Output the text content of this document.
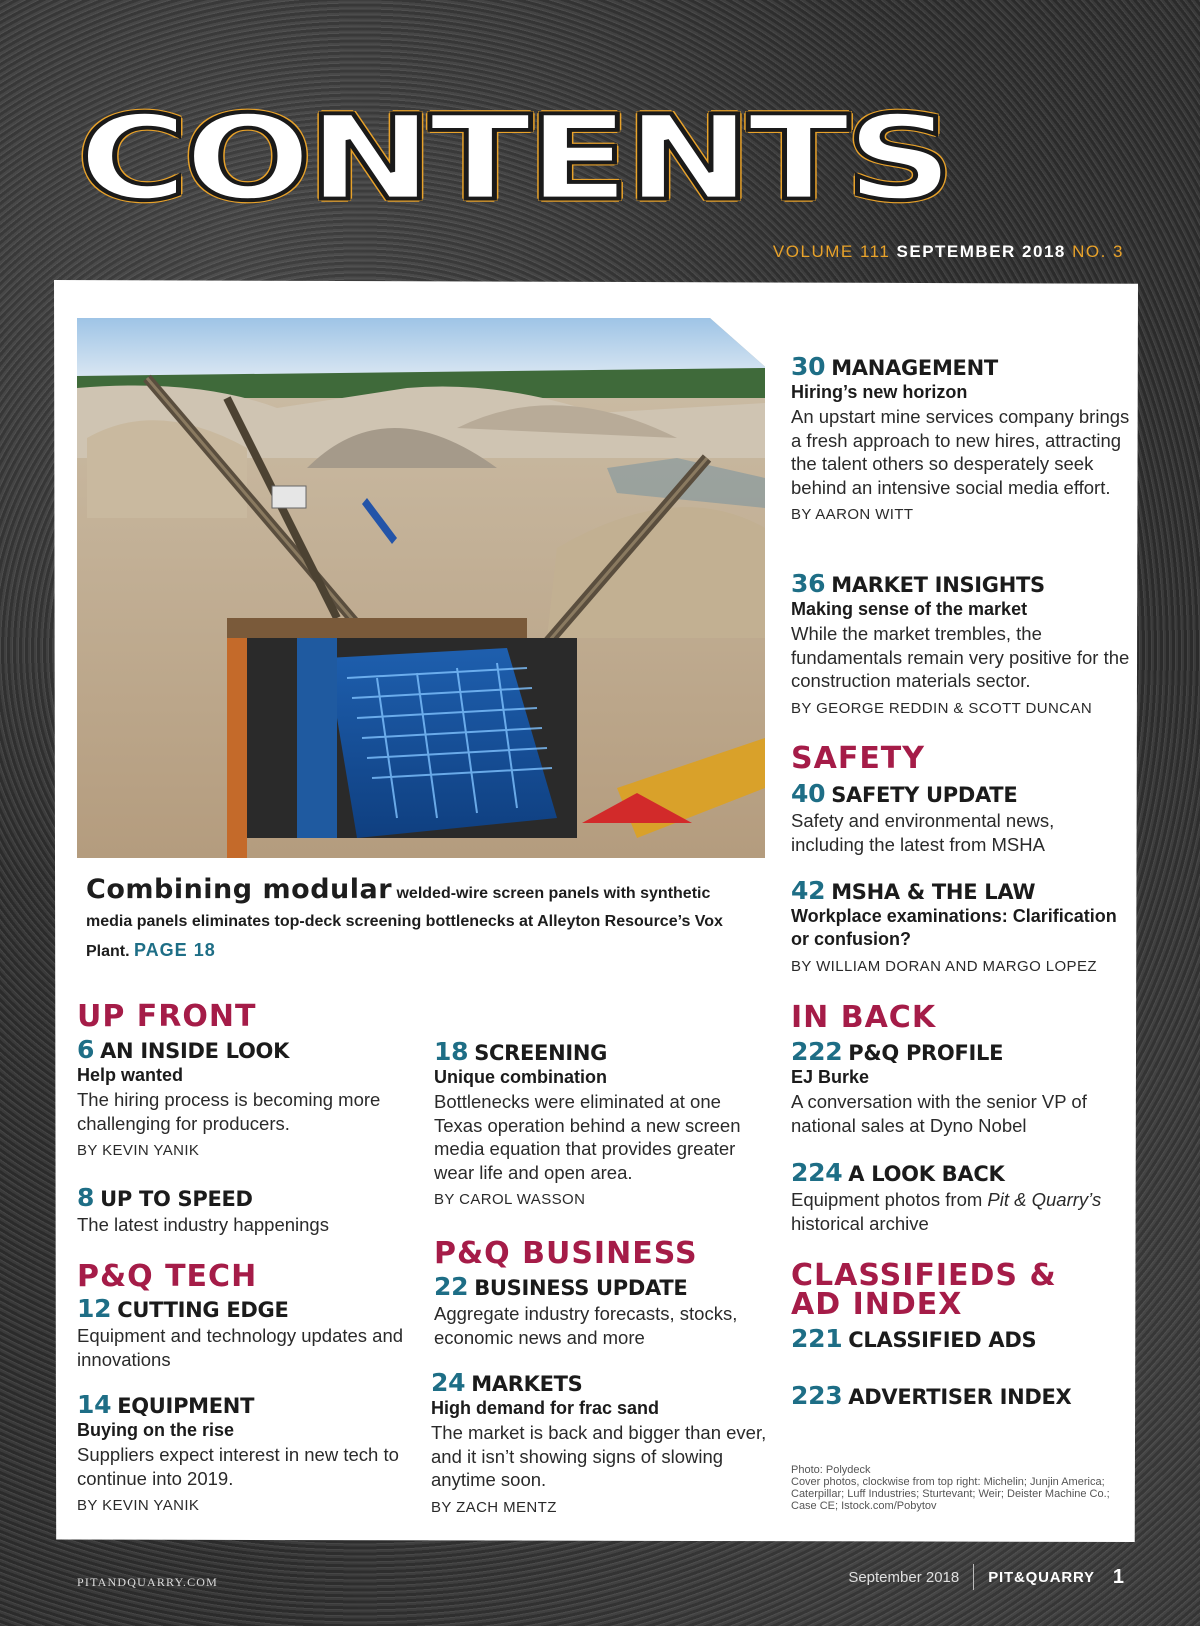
CONTENTS
VOLUME 111 SEPTEMBER 2018 NO. 3
Combining modular welded-wire screen panels with synthetic media panels eliminates top-deck screening bottlenecks at Alleyton Resource’s Vox Plant. PAGE 18
UP FRONT
6 AN INSIDE LOOK
Help wanted
The hiring process is becoming more challenging for producers.
BY KEVIN YANIK
8 UP TO SPEED
The latest industry happenings
P&Q TECH
12 CUTTING EDGE
Equipment and technology updates and innovations
14 EQUIPMENT
Buying on the rise
Suppliers expect interest in new tech to continue into 2019.
BY KEVIN YANIK
18 SCREENING
Unique combination
Bottlenecks were eliminated at one Texas operation behind a new screen media equation that provides greater wear life and open area.
BY CAROL WASSON
P&Q BUSINESS
22 BUSINESS UPDATE
Aggregate industry forecasts, stocks, economic news and more
24 MARKETS
High demand for frac sand
The market is back and bigger than ever, and it isn’t showing signs of slowing anytime soon.
BY ZACH MENTZ
30 MANAGEMENT
Hiring’s new horizon
An upstart mine services company brings a fresh approach to new hires, attracting the talent others so desperately seek behind an intensive social media effort.
BY AARON WITT
36 MARKET INSIGHTS
Making sense of the market
While the market trembles, the fundamentals remain very positive for the construction materials sector.
BY GEORGE REDDIN & SCOTT DUNCAN
SAFETY
40 SAFETY UPDATE
Safety and environmental news, including the latest from MSHA
42 MSHA & THE LAW
Workplace examinations: Clarification or confusion?
BY WILLIAM DORAN AND MARGO LOPEZ
IN BACK
222 P&Q PROFILE
EJ Burke
A conversation with the senior VP of national sales at Dyno Nobel
224 A LOOK BACK
Equipment photos from Pit & Quarry’s historical archive
CLASSIFIEDS &
AD INDEX
221 CLASSIFIED ADS
223 ADVERTISER INDEX
Photo: Polydeck
Cover photos, clockwise from top right: Michelin; Junjin America; Caterpillar; Luff Industries; Sturtevant; Weir; Deister Machine Co.; Case CE; Istock.com/Pobytov
PITANDQUARRY.COM	September 2018 PIT&QUARRY 1
